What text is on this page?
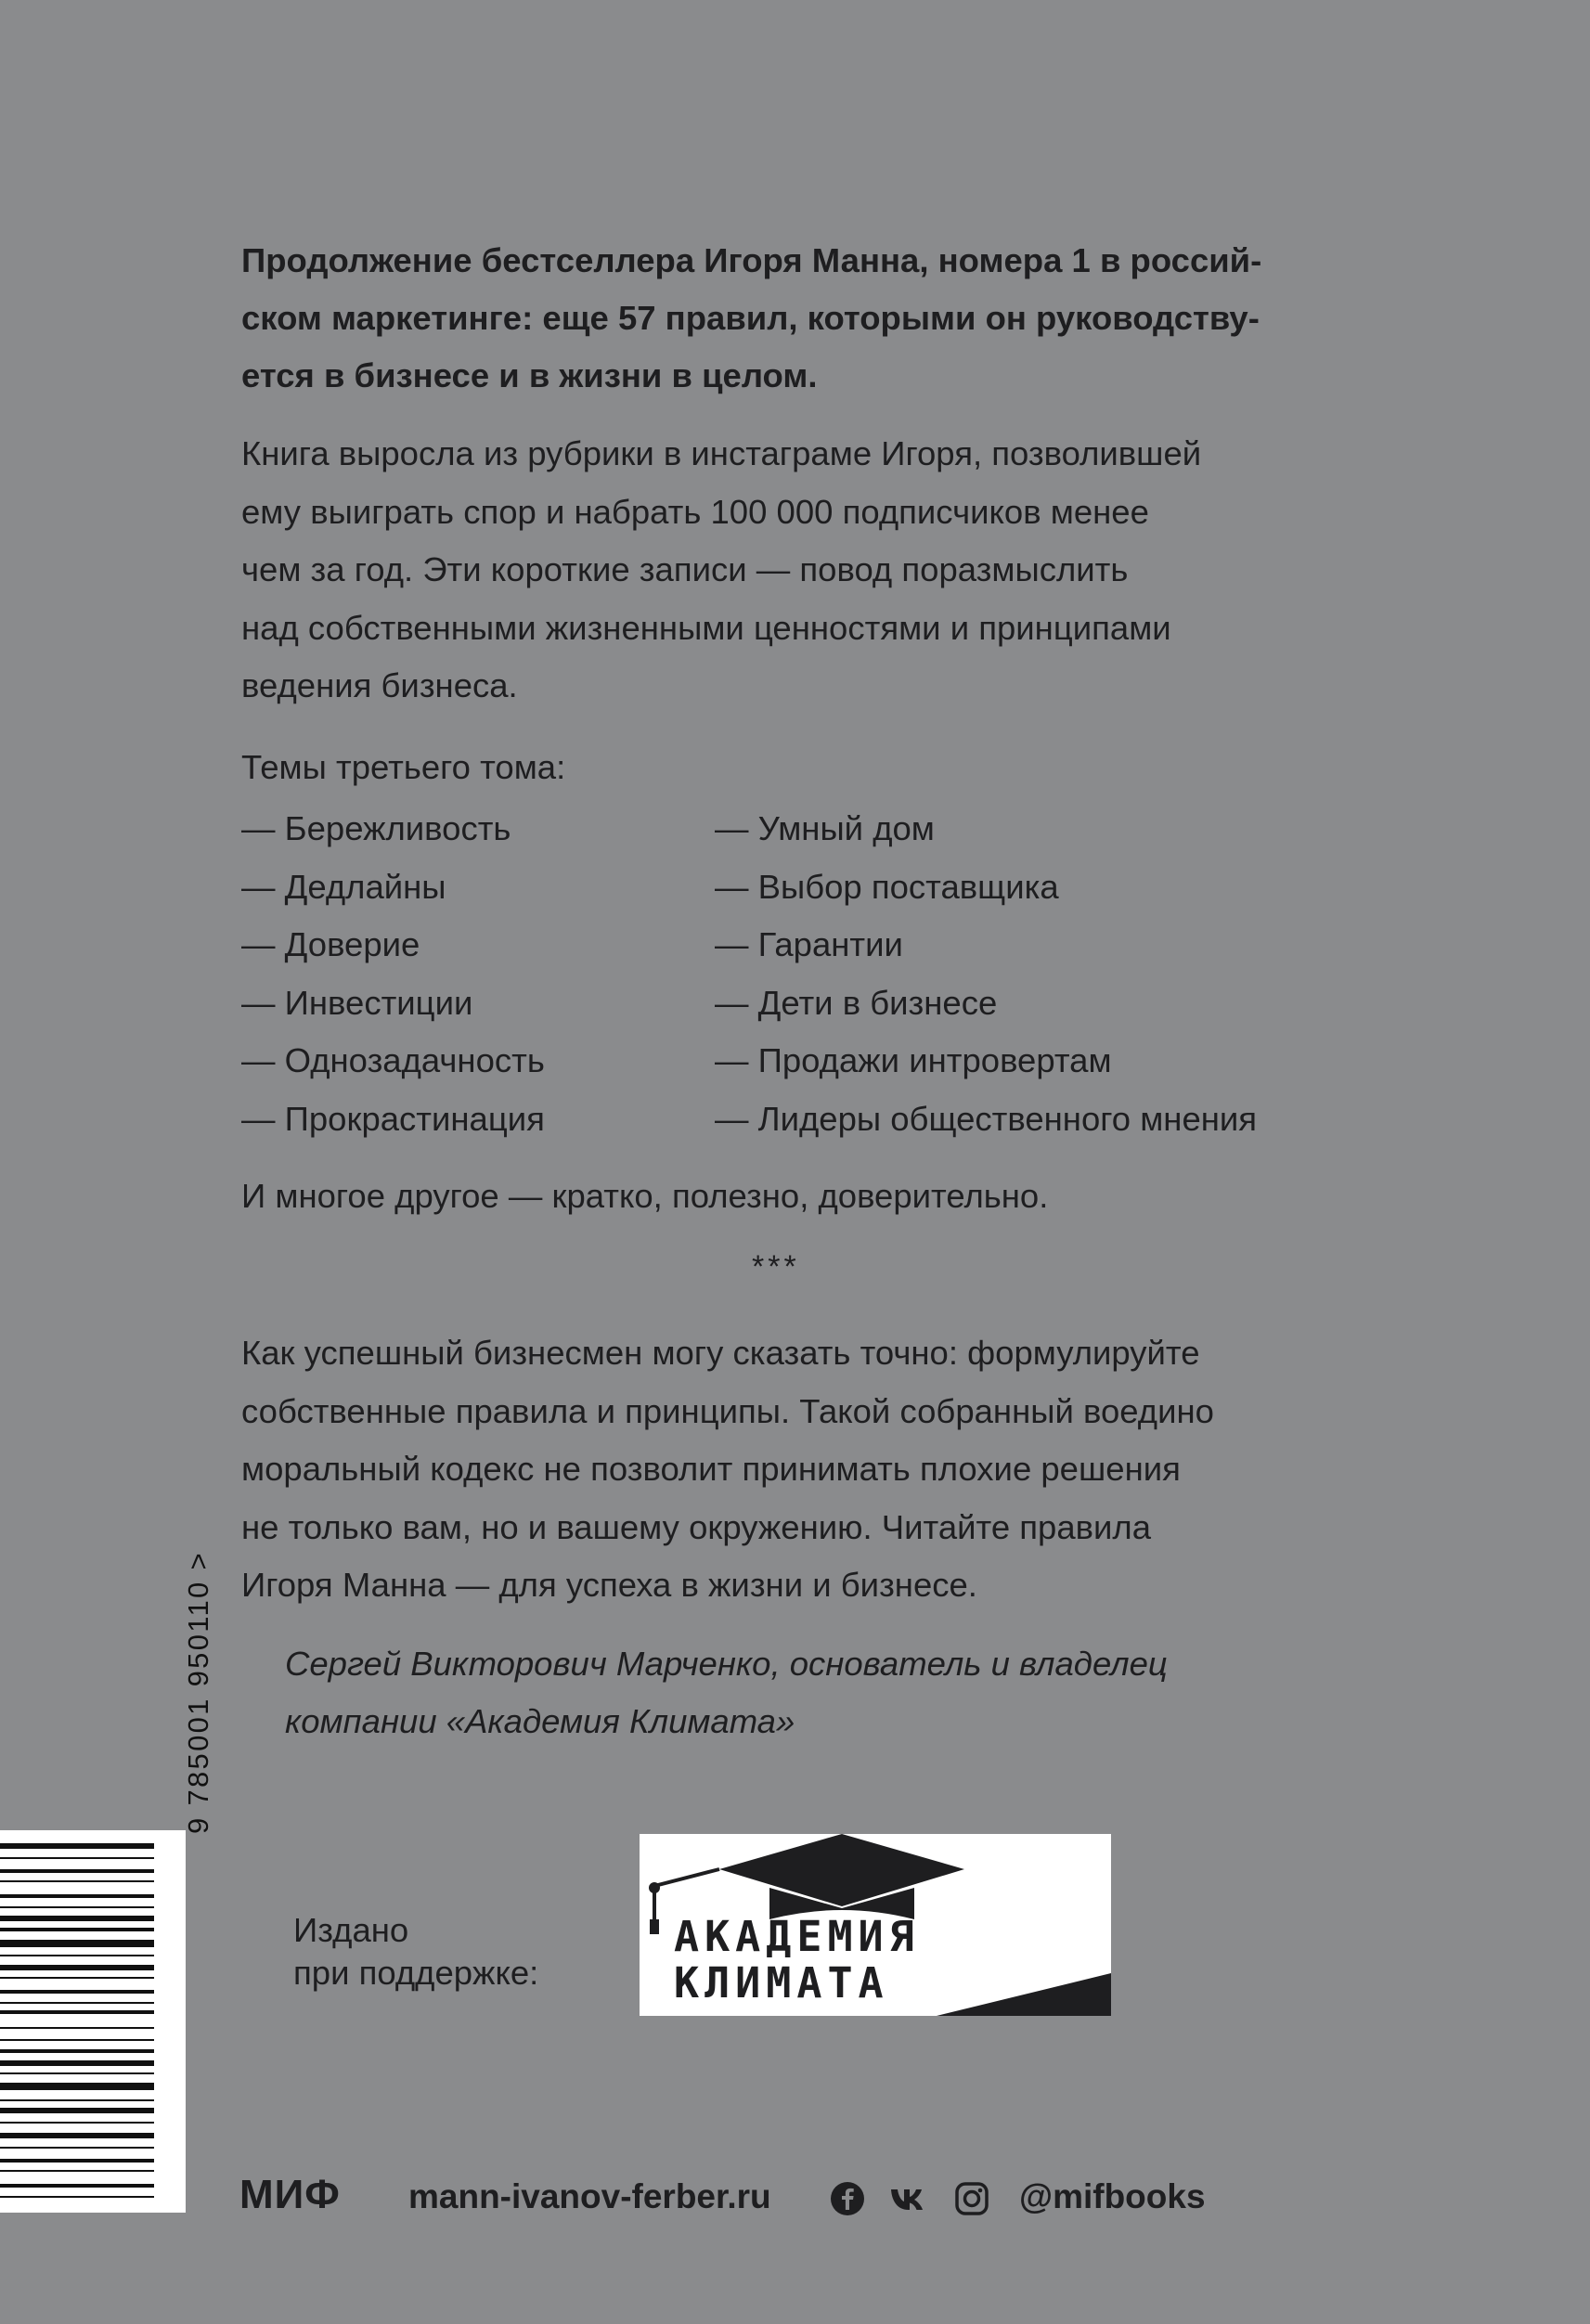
Продолжение бестселлера Игоря Манна, номера 1 в россий-
ском маркетинге: еще 57 правил, которыми он руководству-
ется в бизнесе и в жизни в целом.
Книга выросла из рубрики в инстаграме Игоря, позволившей
ему выиграть спор и набрать 100 000 подписчиков менее
чем за год. Эти короткие записи — повод поразмыслить
над собственными жизненными ценностями и принципами
ведения бизнеса.
Темы третьего тома:
— Бережливость
— Дедлайны
— Доверие
— Инвестиции
— Однозадачность
— Прокрастинация
— Умный дом
— Выбор поставщика
— Гарантии
— Дети в бизнесе
— Продажи интровертам
— Лидеры общественного мнения
И многое другое — кратко, полезно, доверительно.
***
Как успешный бизнесмен могу сказать точно: формулируйте
собственные правила и принципы. Такой собранный воедино
моральный кодекс не позволит принимать плохие решения
не только вам, но и вашему окружению. Читайте правила
Игоря Манна — для успеха в жизни и бизнесе.
Сергей Викторович Марченко, основатель и владелец
компании «Академия Климата»
9 785001 950110 >
Издано
при поддержке:
АКАДЕМИЯ
КЛИМАТА
МИФ mann-ivanov-ferber.ru	@mifbooks
